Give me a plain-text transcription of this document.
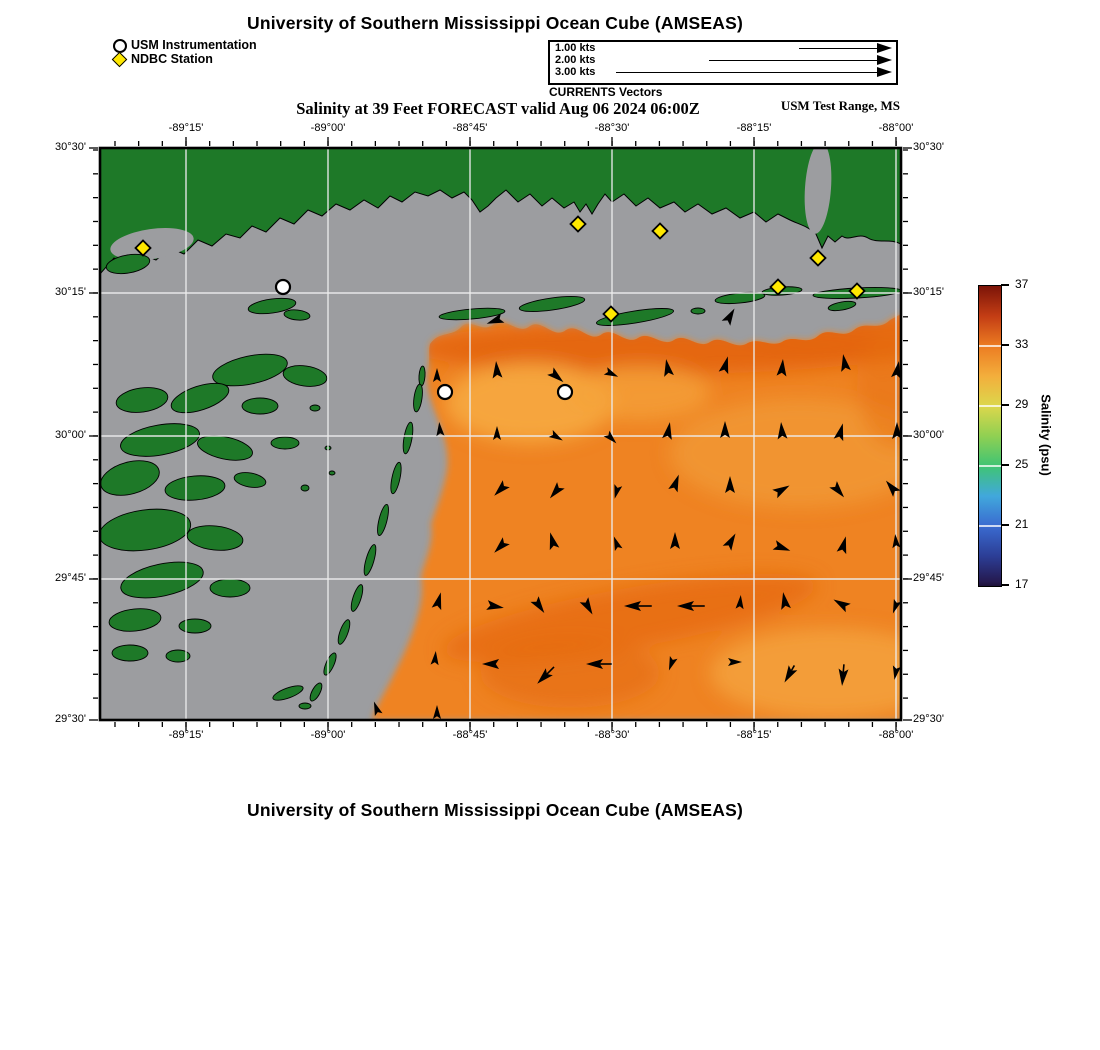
University of Southern Mississippi Ocean Cube (AMSEAS)
USM Instrumentation
NDBC Station
1.00 kts
2.00 kts
3.00 kts
CURRENTS Vectors
Salinity at 39 Feet FORECAST valid Aug 06 2024 06:00Z	USM Test Range, MS
Salinity (psu)
University of Southern Mississippi Ocean Cube (AMSEAS)
-89°15'
-89°15'
-89°00'
-89°00'
-88°45'
-88°45'
-88°30'
-88°30'
-88°15'
-88°15'
-88°00'
-88°00'
30°30'	30°30'
30°15'	30°15'
30°00'	30°00'
29°45'	29°45'
29°30'	29°30'
37
33
29
25
21
17
